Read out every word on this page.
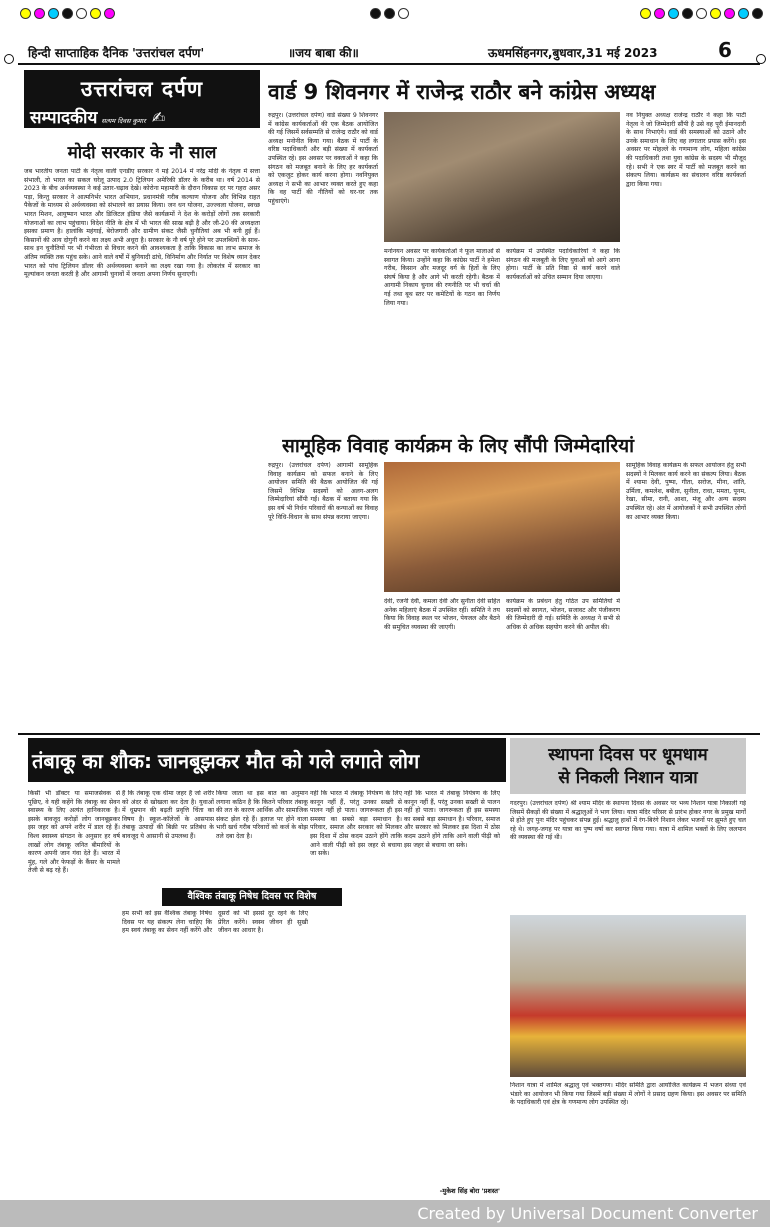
हिन्दी साप्ताहिक दैनिक 'उत्तरांचल दर्पण'	॥जय बाबा की॥	ऊधमसिंहनगर,बुधवार,31 मई 2023	6
उत्तरांचल दर्पण
सम्पादकीय सत्यम दिवस कुमार ✍
मोदी सरकार के नौ साल
जब भारतीय जनता पार्टी के नेतृत्व वाली एनडीए सरकार ने मई 2014 में नरेंद्र मोदी के नेतृत्व में सत्ता संभाली, तो भारत का सकल घरेलू उत्पाद 2.0 ट्रिलियन अमेरिकी डॉलर के करीब था। वर्ष 2014 से 2023 के बीच अर्थव्यवस्था ने कई उतार-चढ़ाव देखे। कोरोना महामारी के दौरान विकास दर पर गहरा असर पड़ा, किन्तु सरकार ने आत्मनिर्भर भारत अभियान, प्रधानमंत्री गरीब कल्याण योजना और विभिन्न राहत पैकेजों के माध्यम से अर्थव्यवस्था को संभालने का प्रयास किया। जन धन योजना, उज्ज्वला योजना, स्वच्छ भारत मिशन, आयुष्मान भारत और डिजिटल इंडिया जैसे कार्यक्रमों ने देश के करोड़ों लोगों तक सरकारी योजनाओं का लाभ पहुंचाया। विदेश नीति के क्षेत्र में भी भारत की साख बढ़ी है और जी-20 की अध्यक्षता इसका प्रमाण है। हालांकि महंगाई, बेरोजगारी और ग्रामीण संकट जैसी चुनौतियां अब भी बनी हुई हैं। किसानों की आय दोगुनी करने का लक्ष्य अभी अधूरा है। सरकार के नौ वर्ष पूरे होने पर उपलब्धियों के साथ-साथ इन चुनौतियों पर भी गंभीरता से विचार करने की आवश्यकता है ताकि विकास का लाभ समाज के अंतिम व्यक्ति तक पहुंच सके। आने वाले वर्षों में बुनियादी ढांचे, विनिर्माण और निर्यात पर विशेष ध्यान देकर भारत को पांच ट्रिलियन डॉलर की अर्थव्यवस्था बनाने का लक्ष्य रखा गया है। लोकतंत्र में सरकार का मूल्यांकन जनता करती है और आगामी चुनावों में जनता अपना निर्णय सुनाएगी।
वार्ड 9 शिवनगर में राजेन्द्र राठौर बने कांग्रेस अध्यक्ष
रुद्रपुर। (उत्तरांचल दर्पण) वार्ड संख्या 9 शिवनगर में कांग्रेस कार्यकर्ताओं की एक बैठक आयोजित की गई जिसमें सर्वसम्मति से राजेन्द्र राठौर को वार्ड अध्यक्ष मनोनीत किया गया। बैठक में पार्टी के वरिष्ठ पदाधिकारी और बड़ी संख्या में कार्यकर्ता उपस्थित रहे। इस अवसर पर वक्ताओं ने कहा कि संगठन को मजबूत बनाने के लिए हर कार्यकर्ता को एकजुट होकर कार्य करना होगा। नवनियुक्त अध्यक्ष ने सभी का आभार व्यक्त करते हुए कहा कि वह पार्टी की नीतियों को घर-घर तक पहुंचाएंगे।
मनोनयन अवसर पर कार्यकर्ताओं ने फूल मालाओं से स्वागत किया। उन्होंने कहा कि कांग्रेस पार्टी ने हमेशा गरीब, किसान और मजदूर वर्ग के हितों के लिए संघर्ष किया है और आगे भी करती रहेगी। बैठक में आगामी निकाय चुनाव की रणनीति पर भी चर्चा की गई तथा बूथ स्तर पर कमेटियों के गठन का निर्णय लिया गया।
कार्यक्रम में उपस्थित पदाधिकारियों ने कहा कि संगठन की मजबूती के लिए युवाओं को आगे आना होगा। पार्टी के प्रति निष्ठा से कार्य करने वाले कार्यकर्ताओं को उचित सम्मान दिया जाएगा।
नव नियुक्त अध्यक्ष राजेन्द्र राठौर ने कहा कि पार्टी नेतृत्व ने जो जिम्मेदारी सौंपी है उसे वह पूरी ईमानदारी के साथ निभाएंगे। वार्ड की समस्याओं को उठाने और उनके समाधान के लिए वह लगातार प्रयास करेंगे। इस अवसर पर मोहल्ले के गणमान्य लोग, महिला कांग्रेस की पदाधिकारी तथा युवा कांग्रेस के सदस्य भी मौजूद रहे। सभी ने एक स्वर में पार्टी को मजबूत करने का संकल्प लिया। कार्यक्रम का संचालन वरिष्ठ कार्यकर्ता द्वारा किया गया।
सामूहिक विवाह कार्यक्रम के लिए सौंपी जिम्मेदारियां
रुद्रपुर। (उत्तरांचल दर्पण) आगामी सामूहिक विवाह कार्यक्रम को सफल बनाने के लिए आयोजन समिति की बैठक आयोजित की गई जिसमें विभिन्न सदस्यों को अलग-अलग जिम्मेदारियां सौंपी गईं। बैठक में बताया गया कि इस वर्ष भी निर्धन परिवारों की कन्याओं का विवाह पूरे विधि-विधान के साथ संपन्न कराया जाएगा।
देवी, रजनी देवी, कमला देवी और सुनीता देवी सहित अनेक महिलाएं बैठक में उपस्थित रहीं। समिति ने तय किया कि विवाह स्थल पर भोजन, पेयजल और बैठने की समुचित व्यवस्था की जाएगी।
कार्यक्रम के प्रबंधन हेतु गठित उप समितियों में सदस्यों को स्वागत, भोजन, सजावट और पंजीकरण की जिम्मेदारी दी गई। समिति के अध्यक्ष ने सभी से अधिक से अधिक सहयोग करने की अपील की।
सामूहिक विवाह कार्यक्रम के सफल आयोजन हेतु सभी सदस्यों ने मिलकर कार्य करने का संकल्प लिया। बैठक में श्यामा देवी, पुष्पा, गीता, सरोज, मीना, शांति, उर्मिला, कमलेश, बबीता, सुनीता, राधा, ममता, पूनम, रेखा, सीमा, रानी, आशा, मंजू और अन्य सदस्य उपस्थित रहे। अंत में आयोजकों ने सभी उपस्थित लोगों का आभार व्यक्त किया।
तंबाकू का शौक: जानबूझकर मौत को गले लगाते लोग
किसी भी डॉक्टर या समाजसेवक से पूछिए, वे यही कहेंगे कि तंबाकू का सेवन स्वास्थ्य के लिए अत्यंत हानिकारक है। इसके बावजूद करोड़ों लोग जानबूझकर इस जहर को अपने शरीर में डाल रहे हैं। विश्व स्वास्थ्य संगठन के अनुसार हर वर्ष लाखों लोग तंबाकू जनित बीमारियों के कारण अपनी जान गंवा देते हैं। भारत में मुंह, गले और फेफड़ों के कैंसर के मामले तेजी से बढ़ रहे हैं।
हैं कि तंबाकू एक धीमा जहर है जो शरीर को अंदर से खोखला कर देता है। युवाओं में धूम्रपान की बढ़ती प्रवृत्ति चिंता का विषय है। स्कूल-कॉलेजों के आसपास तंबाकू उत्पादों की बिक्री पर प्रतिबंध के बावजूद ये आसानी से उपलब्ध हैं।
किया जाता था इस बात का अनुमान लगाना कठिन है कि कितने परिवार तंबाकू की लत के कारण आर्थिक और सामाजिक संकट झेल रहे हैं। इलाज पर होने वाला भारी खर्च गरीब परिवारों को कर्ज के बोझ तले दबा देता है।
वैश्विक तंबाकू निषेध दिवस पर विशेष
नहीं कि भारत में तंबाकू नियंत्रण के लिए कानून नहीं हैं, परंतु उनका सख्ती से पालन नहीं हो पाता। जागरूकता ही इस समस्या का सबसे बड़ा समाधान है। परिवार, समाज और सरकार को मिलकर इस दिशा में ठोस कदम उठाने होंगे ताकि आने वाली पीढ़ी को इस जहर से बचाया जा सके।
हम सभी को इस वैश्विक तंबाकू निषेध दिवस पर यह संकल्प लेना चाहिए कि हम स्वयं तंबाकू का सेवन नहीं करेंगे और दूसरों को भी इससे दूर रहने के लिए प्रेरित करेंगे। स्वस्थ जीवन ही सुखी जीवन का आधार है।
नहीं कि भारत में तंबाकू नियंत्रण के लिए कानून नहीं हैं, परंतु उनका सख्ती से पालन नहीं हो पाता। जागरूकता ही इस समस्या का सबसे बड़ा समाधान है। परिवार, समाज और सरकार को मिलकर इस दिशा में ठोस कदम उठाने होंगे ताकि आने वाली पीढ़ी को इस जहर से बचाया जा सके।
-मुकेश सिंह बोरा 'प्रशस्त'
स्थापना दिवस पर धूमधाम
से निकली निशान यात्रा
गदरपुर। (उत्तरांचल दर्पण) श्री श्याम मंदिर के स्थापना दिवस के अवसर पर भव्य निशान यात्रा निकाली गई जिसमें सैकड़ों की संख्या में श्रद्धालुओं ने भाग लिया। यात्रा मंदिर परिसर से प्रारंभ होकर नगर के प्रमुख मार्गों से होते हुए पुनः मंदिर पहुंचकर संपन्न हुई। श्रद्धालु हाथों में रंग-बिरंगे निशान लेकर भजनों पर झूमते हुए चल रहे थे। जगह-जगह पर यात्रा का पुष्प वर्षा कर स्वागत किया गया। यात्रा में शामिल भक्तों के लिए जलपान की व्यवस्था की गई थी।
निशान यात्रा में शामिल श्रद्धालु एवं भक्तगण। मंदिर समिति द्वारा आयोजित कार्यक्रम में भजन संध्या एवं भंडारे का आयोजन भी किया गया जिसमें बड़ी संख्या में लोगों ने प्रसाद ग्रहण किया। इस अवसर पर समिति के पदाधिकारी एवं क्षेत्र के गणमान्य लोग उपस्थित रहे।
Created by Universal Document Converter
